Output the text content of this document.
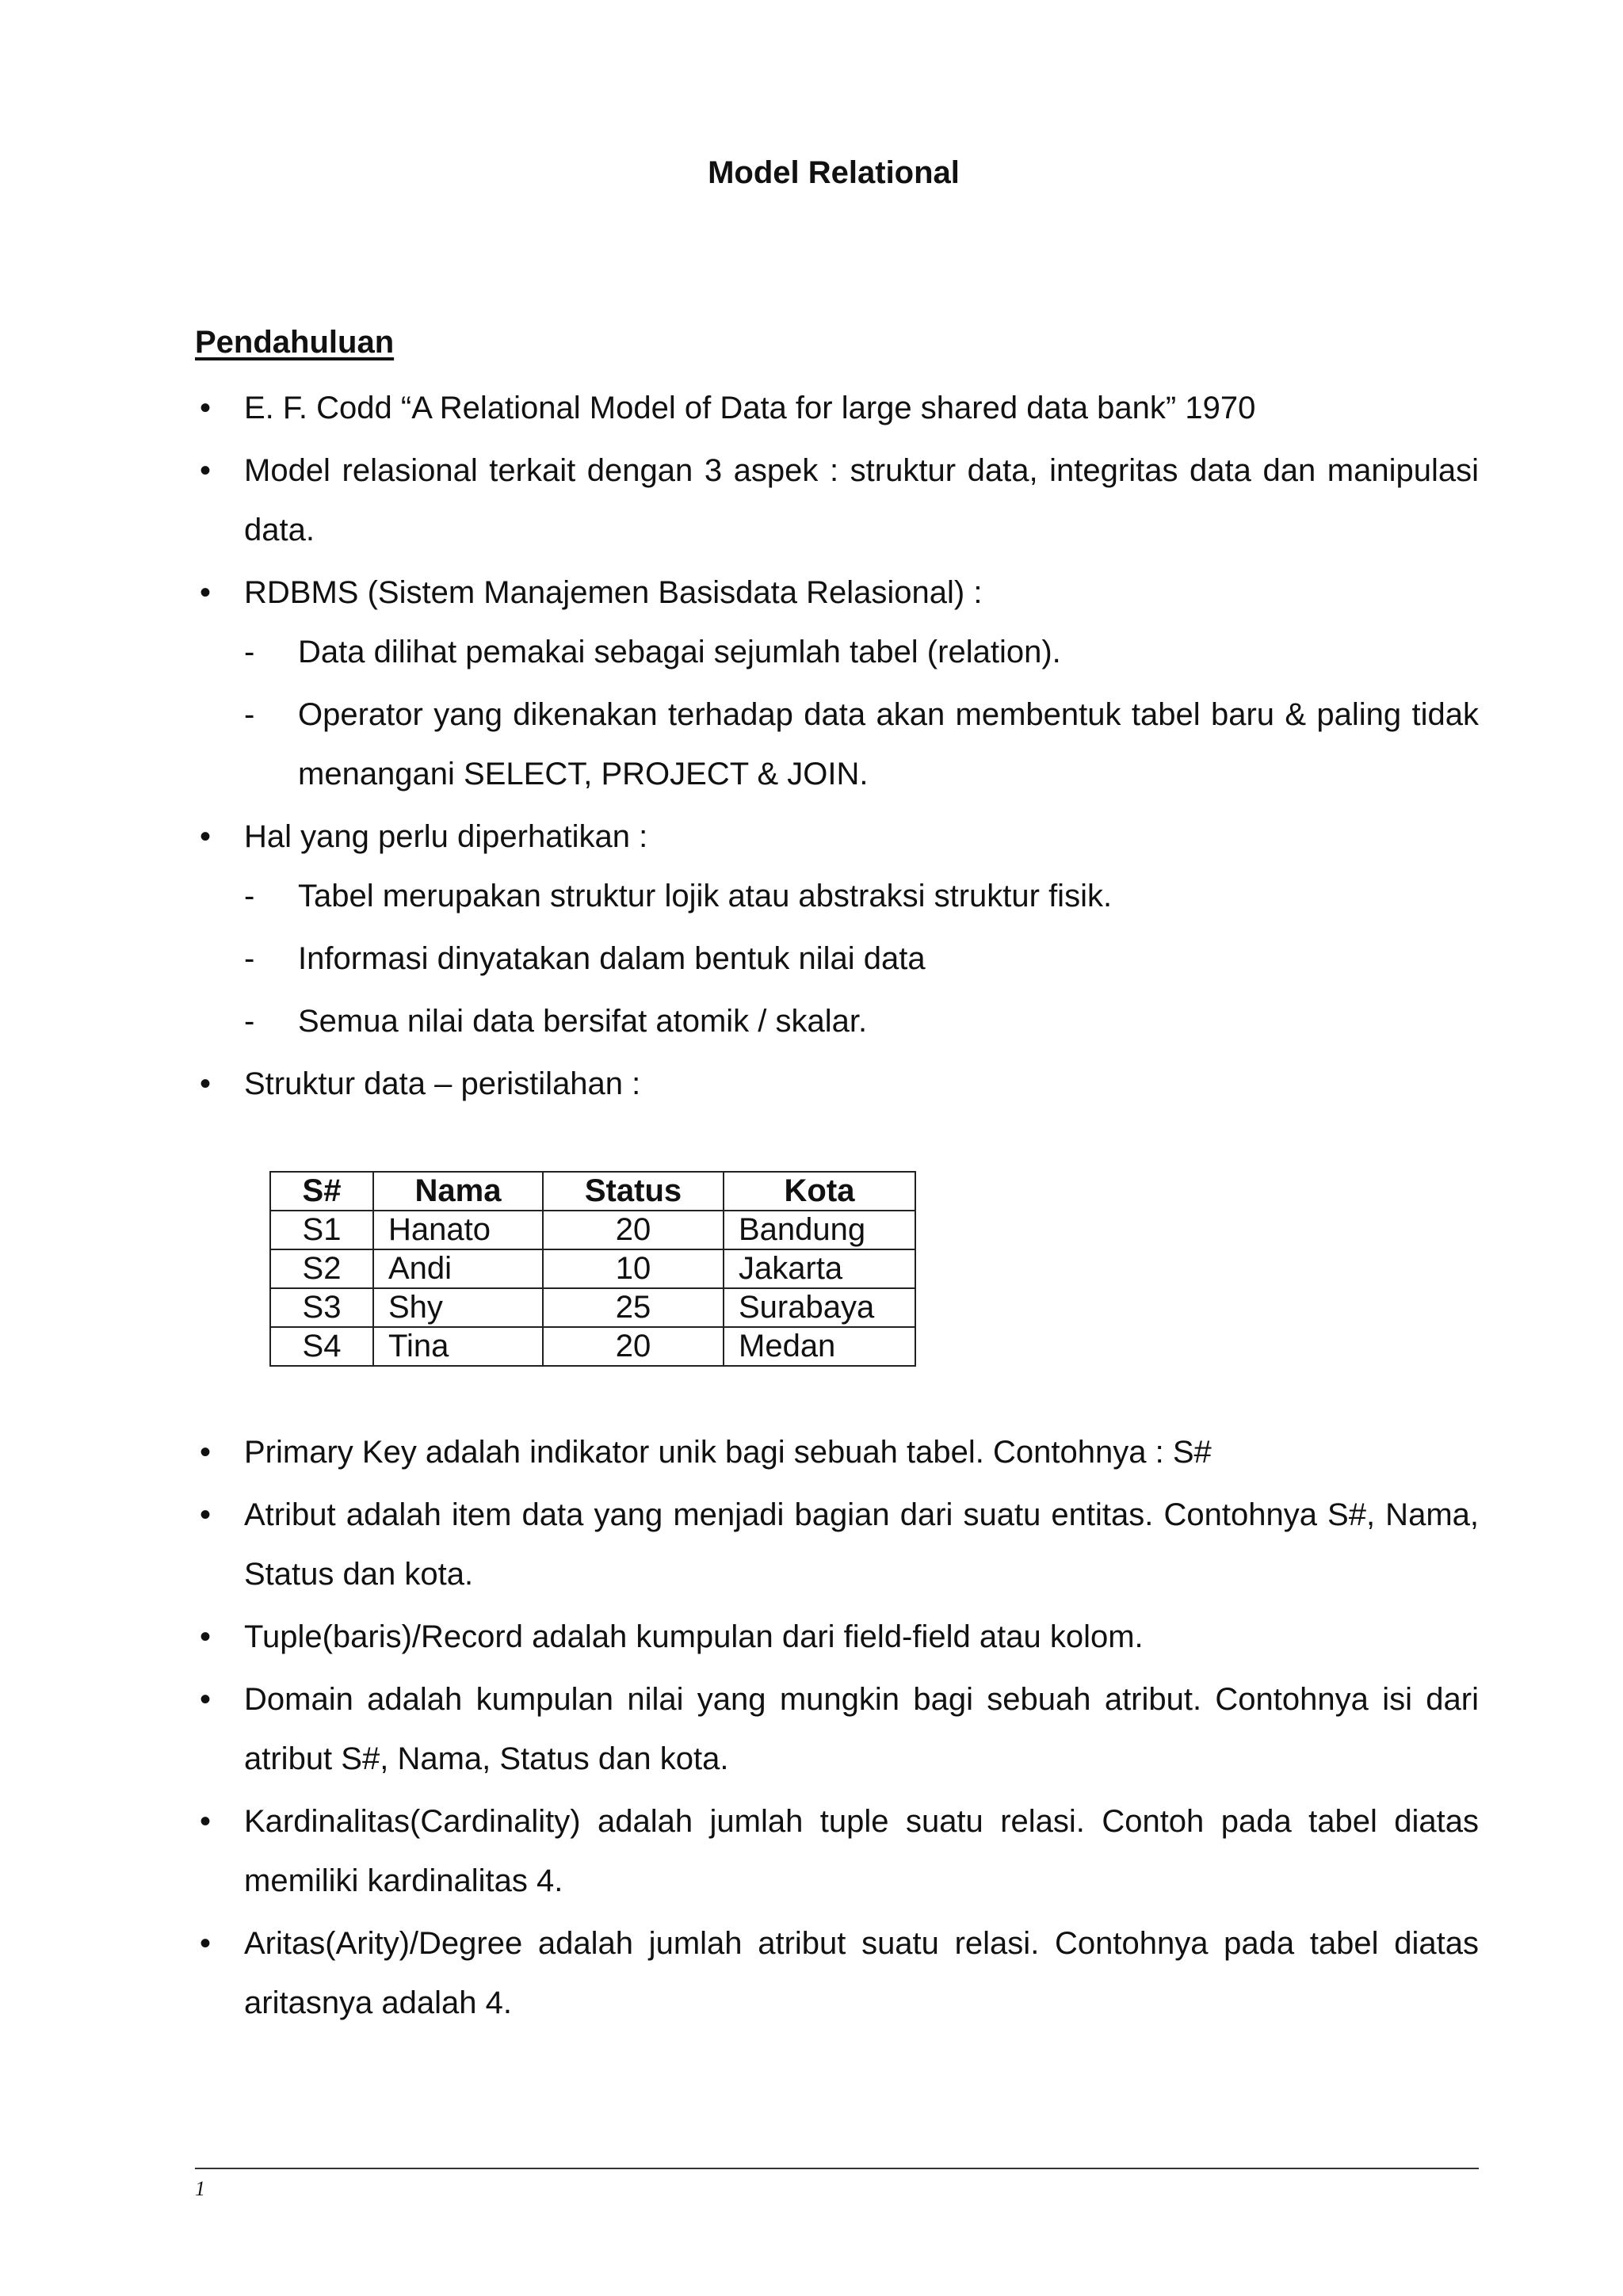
Model Relational
Pendahuluan
• E. F. Codd “A Relational Model of Data for large shared data bank” 1970
• Model relasional terkait dengan 3 aspek : struktur data, integritas data dan manipulasi data.
• RDBMS (Sistem Manajemen Basisdata Relasional) :
- Data dilihat pemakai sebagai sejumlah tabel (relation).
- Operator yang dikenakan terhadap data akan membentuk tabel baru & paling tidak menangani SELECT, PROJECT & JOIN.
• Hal yang perlu diperhatikan :
- Tabel merupakan struktur lojik atau abstraksi struktur fisik.
- Informasi dinyatakan dalam bentuk nilai data
- Semua nilai data bersifat atomik / skalar.
• Struktur data – peristilahan :
S#	Nama	Status	Kota
S1	Hanato	20	Bandung
S2	Andi	10	Jakarta
S3	Shy	25	Surabaya
S4	Tina	20	Medan
• Primary Key adalah indikator unik bagi sebuah tabel. Contohnya : S#
• Atribut adalah item data yang menjadi bagian dari suatu entitas. Contohnya S#, Nama, Status dan kota.
• Tuple(baris)/Record adalah kumpulan dari field-field atau kolom.
• Domain adalah kumpulan nilai yang mungkin bagi sebuah atribut. Contohnya isi dari atribut S#, Nama, Status dan kota.
• Kardinalitas(Cardinality) adalah jumlah tuple suatu relasi. Contoh pada tabel diatas memiliki kardinalitas 4.
• Aritas(Arity)/Degree adalah jumlah atribut suatu relasi. Contohnya pada tabel diatas aritasnya adalah 4.
1
